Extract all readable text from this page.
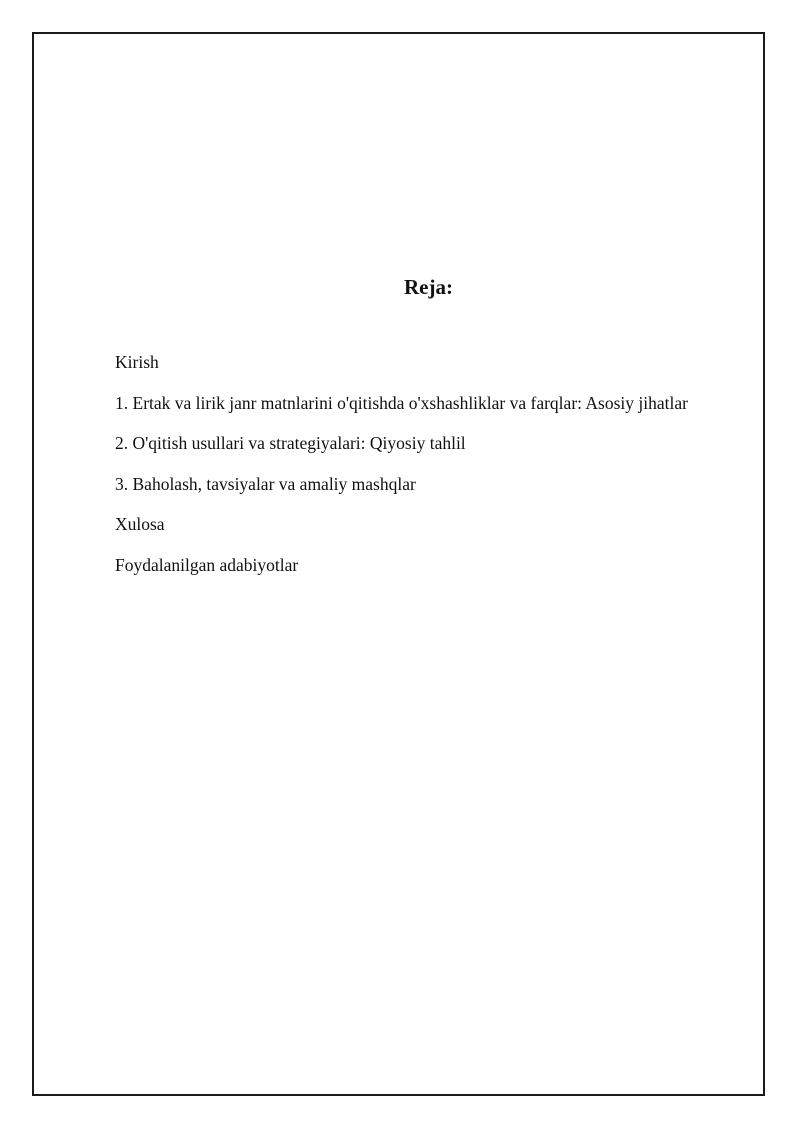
Reja:
Kirish
1. Ertak va lirik janr matnlarini o'qitishda o'xshashliklar va farqlar: Asosiy jihatlar
2. O'qitish usullari va strategiyalari: Qiyosiy tahlil
3. Baholash, tavsiyalar va amaliy mashqlar
Xulosa
Foydalanilgan adabiyotlar
